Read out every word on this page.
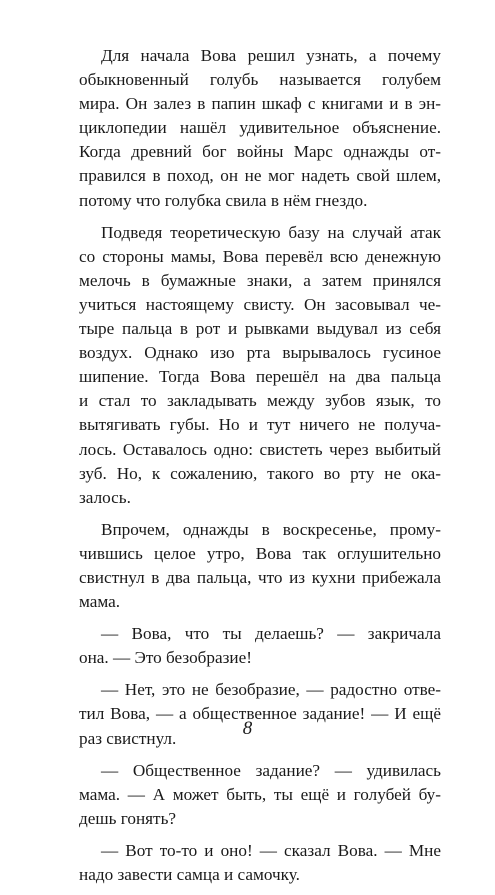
Для начала Вова решил узнать, а почему
обыкновенный голубь называется голубем
мира. Он залез в папин шкаф с книгами и в эн-
циклопедии нашёл удивительное объяснение.
Когда древний бог войны Марс однажды от-
правился в поход, он не мог надеть свой шлем,
потому что голубка свила в нём гнездо.
Подведя теоретическую базу на случай атак
со стороны мамы, Вова перевёл всю денежную
мелочь в бумажные знаки, а затем принялся
учиться настоящему свисту. Он засовывал че-
тыре пальца в рот и рывками выдувал из себя
воздух. Однако изо рта вырывалось гусиное
шипение. Тогда Вова перешёл на два пальца
и стал то закладывать между зубов язык, то
вытягивать губы. Но и тут ничего не получа-
лось. Оставалось одно: свистеть через выбитый
зуб. Но, к сожалению, такого во рту не ока-
залось.
Впрочем, однажды в воскресенье, промy-
чившись целое утро, Вова так оглушительно
свистнул в два пальца, что из кухни прибежала
мама.
— Вова, что ты делаешь? — закричала
она. — Это безобразие!
— Нет, это не безобразие, — радостно отве-
тил Вова, — а общественное задание! — И ещё
раз свистнул.
— Общественное задание? — удивилась
мама. — А может быть, ты ещё и голубей бу-
дешь гонять?
— Вот то-то и оно! — сказал Вова. — Мне
надо завести самца и самочку.
8
